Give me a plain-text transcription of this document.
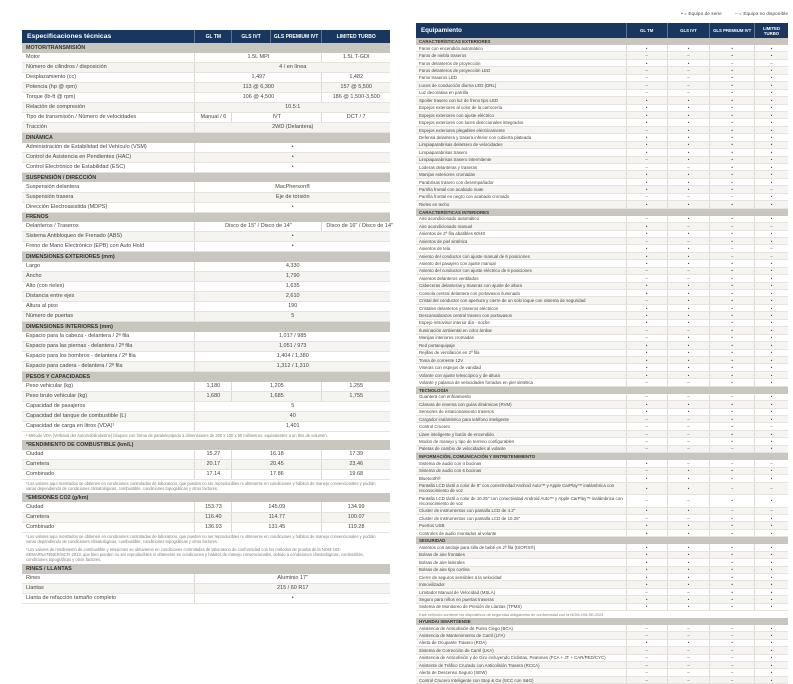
Especificaciones técnicas	GL TM	GLS IVT	GLS PREMIUM IVT	LIMITED TURBO
MOTOR/TRANSMISIÓN				
Motor	1.5L MPI			1.5L T-GDI
Número de cilindros / disposición	4 / en línea			
Desplazamiento (cc)	1,497			1,482
Potencia (hp @ rpm)	113 @ 6,300			157 @ 5,500
Torque (lb-ft @ rpm)	106 @ 4,500			186 @ 1,500-3,500
Relación de compresión	10.5:1			
Tipo de transmisión / Número de velocidades	Manual / 6	IVT		DCT / 7
Tracción	2WD (Delantera)			
DINÁMICA				
Administración de Estabilidad del Vehículo (VSM)	•			
Control de Asistencia en Pendientes (HAC)	•			
Control Electrónico de Estabilidad (ESC)	•			
SUSPENSIÓN / DIRECCIÓN				
Suspensión delantera	MacPherson®			
Suspensión trasera	Eje de torsión			
Dirección Electroasistida (MDPS)	•			
FRENOS				
Delanteros / Traseros	Disco de 15" / Disco de 14"			Disco de 16" / Disco de 14"
Sistema Antibloqueo de Frenado (ABS)	•			
Freno de Mano Electrónico (EPB) con Auto Hold	•			
DIMENSIONES EXTERIORES (mm)				
Largo	4,330			
Ancho	1,790			
Alto (con rieles)	1,635			
Distancia entre ejes	2,610			
Altura al piso	190			
Número de puertas	5			
DIMENSIONES INTERIORES (mm)				
Espacio para la cabeza - delantera / 2ª fila	1,017 / 985			
Espacio para las piernas - delantera / 2ª fila	1,051 / 973			
Espacio para los hombros - delantera / 2ª fila	1,404 / 1,380			
Espacio para cadera - delantera / 2ª fila	1,312 / 1,310			
PESOS Y CAPACIDADES				
Peso vehicular (kg)	1,180	1,205		1,255
Peso bruto vehicular (kg)	1,680	1,685		1,755
Capacidad de pasajeros	5			
Capacidad del tanque de combustible (L)	40			
Capacidad de carga en litros (VDA)¹	1,401			
¹ Método VDA (Verband der Automobilindustrie) bloques con forma de paralelepípedo a dimensiones de 200 x 100 x 50 milímetros, equivalentes a un litro de volumen.				
*RENDIMIENTO DE COMBUSTIBLE (km/L)				
Ciudad	15.27	16.18		17.39
Carretera	20.17	20.45		23.46
Combinado	17.14	17.86		19.68
*Los valores aquí mostrados se obtienen en condiciones controladas de laboratorio, que pueden no ser reproducibles ni obtenerse en condiciones y hábitos de manejo convencionales y podrán variar dependiendo de condiciones climatológicas, combustible, condiciones topográficas y otros factores.				
*EMISIONES CO2 (g/km)				
Ciudad	153.73	145.09		134.99
Carretera	116.40	114.77		100.07
Combinado	136.93	131.45		119.28
*Los valores aquí mostrados se obtienen en condiciones controladas de laboratorio, que pueden no ser reproducibles ni obtenerse en condiciones y hábitos de manejo convencionales y podrán variar dependiendo de condiciones climatológicas, combustible, condiciones topográficas y otros factores.				
*Los valores de rendimiento de combustible y emisiones se obtuvieron en condiciones controladas de laboratorio de conformidad con los métodos de prueba de la NOM-163-SEMARNATENER/SCFI-2013, que bien pueden no ser reproducibles ni obtenerse en condiciones y hábitos de manejo convencionales, debido a condiciones climatológicas, combustible, condiciones topográficas y otros factores.				
RINES / LLANTAS				
Rines	Aluminio 17"			
Llantas	215 / 60 R17			
Llanta de refacción tamaño completo	•			
• = Equipo de serie	– = Equipo no disponible
Equipamiento	GL TM	GLS IVT	GLS PREMIUM IVT	LIMITED TURBO
CARACTERÍSTICAS EXTERIORES				
Faros con encendido automático	•	•	•	•
Faros de niebla traseros	–	–	•	•
Faros delanteros de proyección	•	•	–	–
Faros delanteros de proyección LED	–	–	•	•
Faros traseros LED	–	–	•	•
Luces de conducción diurna LED (DRL)	–	–	•	•
Luz decorativa en parrilla	–	–	•	•
Spoiler trasero con luz de freno tipo LED	•	•	•	•
Espejos exteriores al color de la carrocería	•	•	•	•
Espejos exteriores con ajuste eléctrico	•	•	•	•
Espejos exteriores con luces direccionales integrados	•	•	•	•
Espejos exteriores plegables eléctricamente	–	•	•	•
Defensa delantera y trasera inferior con cubierta plateada	•	•	•	•
Limpiaparabrisas delantero de velocidades	•	•	•	•
Limpiaparabrisas trasero	•	•	•	•
Limpiaparabrisas trasero intermitente	–	•	•	•
Loderas delanteras y traseras	–	–	•	•
Manijas exteriores cromadas	•	•	•	•
Parabrisas trasero con desempañador	•	•	•	•
Parrilla frontal con acabado mate	•	•	•	–
Parrilla frontal en negro con acabado cromado	–	–	–	•
Rieles en techo	•	•	•	•
CARACTERÍSTICAS INTERIORES				
Aire acondicionado automático	–	•	•	•
Aire acondicionado manual	•	–	–	–
Asientos de 2ª fila abatibles 60/40	•	•	•	•
Asientos de piel sintética	–	–	•	•
Asientos de tela	•	•	–	–
Asiento del conductor con ajuste manual de 6 posiciones	•	•	–	–
Asiento del pasajero con ajuste manual	•	•	•	•
Asiento del conductor con ajuste eléctrico de 6 posiciones	–	–	•	•
Asientos delanteros ventilados	–	–	•	•
Cabeceras delanteras y traseras con ajuste de altura	•	•	•	•
Consola central delantera con portavasos iluminado	•	•	•	•
Cristal del conductor con apertura y cierre de un solo toque con sistema de seguridad	–	•	•	•
Cristales delanteros y traseros eléctricos	•	•	•	•
Descansabrazos central trasero con portavasos	•	•	•	•
Espejo retrovisor interior día - noche	•	•	•	•
Iluminación ambiental en color ámbar	–	–	•	•
Manijas interiores cromadas	–	•	•	•
Red portaequipaje	•	•	•	•
Rejillas de ventilación en 2ª fila	•	•	•	•
Toma de corriente 12V	•	•	•	•
Viseras con espejos de vanidad	•	•	•	•
Volante con ajuste telescópico y de altura	•	•	•	•
Volante y palanca de velocidades forrados en piel sintética	–	–	•	•
TECNOLOGÍA				
Guantera con enfriamiento	–	–	–	•
Cámara de reversa con guías dinámicas (RVM)	•	•	•	•
Sensores de estacionamiento traseros	•	•	•	•
Cargador inalámbrico para teléfono inteligente	–	–	•	•
Control Crucero	–	–	•	–
Llave inteligente y botón de encendido	–	–	•	•
Modos de manejo y tipo de terreno configurables	–	–	•	•
Paletas de cambio de velocidades al volante	–	–	–	•
INFORMACIÓN, COMUNICACIÓN Y ENTRETENIMIENTO				
Sistema de audio con 4 bocinas	•	–	–	–
Sistema de audio con 6 bocinas	–	•	•	•
Bluetooth®	•	•	•	•
Pantalla LCD táctil a color de 8" con conectividad Android Auto™ y Apple CarPlay™ inalámbrica con reconocimiento de voz	•	•	–	–
Pantalla LCD táctil a color de 10.25" con conectividad Android Auto™ y Apple CarPlay™ inalámbrica con reconocimiento de voz	–	–	•	•
Cluster de instrumentos con pantalla LCD de 4.2"	•	•	–	–
Cluster de instrumentos con pantalla LCD de 10.25"	–	–	•	•
Puertos USB	•	•	•	•
Controles de audio montados al volante	•	•	•	•
SEGURIDAD				
Asientos con anclaje para silla de bebé en 2ª fila (ISOFIX®)	•	•	•	•
Bolsas de aire frontales	•	•	•	•
Bolsas de aire laterales	•	•	•	•
Bolsas de aire tipo cortina	•	•	•	•
Cierre de seguros sensibles a la velocidad	•	•	•	•
Inmovilizador	•	•	•	•
Limitador Manual de Velocidad (MSLA)	–	–	•	•
Seguro para niños en puertas traseras	•	•	•	•
Sistema de Monitoreo de Presión de Llantas (TPMS)	•	•	•	•
Este vehículo contiene los dispositivos de seguridad obligatorios de conformidad con la NOM-194-SE-2021				
HYUNDAI SMARTSENSE				
Asistencia de Anticolisión de Punto Ciego (BCA)	–	–	–	•
Asistencia de Mantenimiento de Carril (LFA)	–	–	–	•
Alerta de Ocupante Trasero (ROA)	•	•	•	•
Sistema de Corrección de Carril (LKA)	–	–	–	•
Asistencia de Anticolisión y de Giro incluyendo Ciclistas, Peatones (FCA + JT + CAR/PED/CYC)	–	–	–	•
Asistente de Tráfico Cruzado con Anticolisión Trasera (RCCA)	–	–	–	•
Alerta de Descenso Seguro (SEW)	–	–	–	•
Control Crucero Inteligente con Stop & Go (SCC con S&G)	–	–	–	•
